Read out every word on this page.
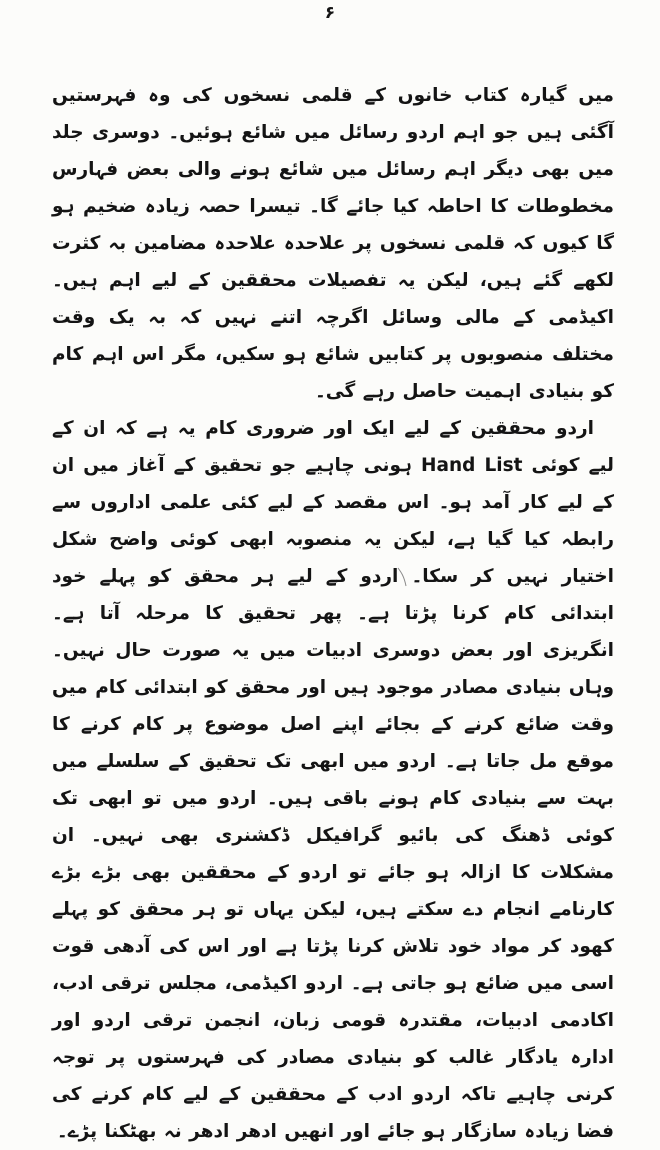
۶

میں گیارہ کتاب خانوں کے قلمی نسخوں کی وہ فہرستیں آگئی ہیں جو اہم اردو رسائل میں شائع ہوئیں۔ دوسری جلد میں بھی دیگر اہم رسائل میں شائع ہونے والی بعض فہارس مخطوطات کا احاطہ کیا جائے گا۔ تیسرا حصہ زیادہ ضخیم ہو گا کیوں کہ قلمی نسخوں پر علاحدہ علاحدہ مضامین بہ کثرت لکھے گئے ہیں، لیکن یہ تفصیلات محققین کے لیے اہم ہیں۔ اکیڈمی کے مالی وسائل اگرچہ اتنے نہیں کہ بہ یک وقت مختلف منصوبوں پر کتابیں شائع ہو سکیں، مگر اس اہم کام کو بنیادی اہمیت حاصل رہے گی۔

اردو محققین کے لیے ایک اور ضروری کام یہ ہے کہ ان کے لیے کوئی Hand List ہونی چاہیے جو تحقیق کے آغاز میں ان کے لیے کار آمد ہو۔ اس مقصد کے لیے کئی علمی اداروں سے رابطہ کیا گیا ہے، لیکن یہ منصوبہ ابھی کوئی واضح شکل اختیار نہیں کر سکا۔ اردو کے لیے ہر محقق کو پہلے خود ابتدائی کام کرنا پڑتا ہے۔ پھر تحقیق کا مرحلہ آتا ہے۔ انگریزی اور بعض دوسری ادبیات میں یہ صورت حال نہیں۔ وہاں بنیادی مصادر موجود ہیں اور محقق کو ابتدائی کام میں وقت ضائع کرنے کے بجائے اپنے اصل موضوع پر کام کرنے کا موقع مل جاتا ہے۔ اردو میں ابھی تک تحقیق کے سلسلے میں بہت سے بنیادی کام ہونے باقی ہیں۔ اردو میں تو ابھی تک کوئی ڈھنگ کی بائیو گرافیکل ڈکشنری بھی نہیں۔ ان مشکلات کا ازالہ ہو جائے تو اردو کے محققین بھی بڑے بڑے کارنامے انجام دے سکتے ہیں، لیکن یہاں تو ہر محقق کو پہلے کھود کر مواد خود تلاش کرنا پڑتا ہے اور اس کی آدھی قوت اسی میں ضائع ہو جاتی ہے۔ اردو اکیڈمی، مجلس ترقی ادب، اکادمی ادبیات، مقتدرہ قومی زبان، انجمن ترقی اردو اور ادارہ یادگار غالب کو بنیادی مصادر کی فہرستوں پر توجہ کرنی چاہیے تاکہ اردو ادب کے محققین کے لیے کام کرنے کی فضا زیادہ سازگار ہو جائے اور انھیں ادھر ادھر نہ بھٹکنا پڑے۔
